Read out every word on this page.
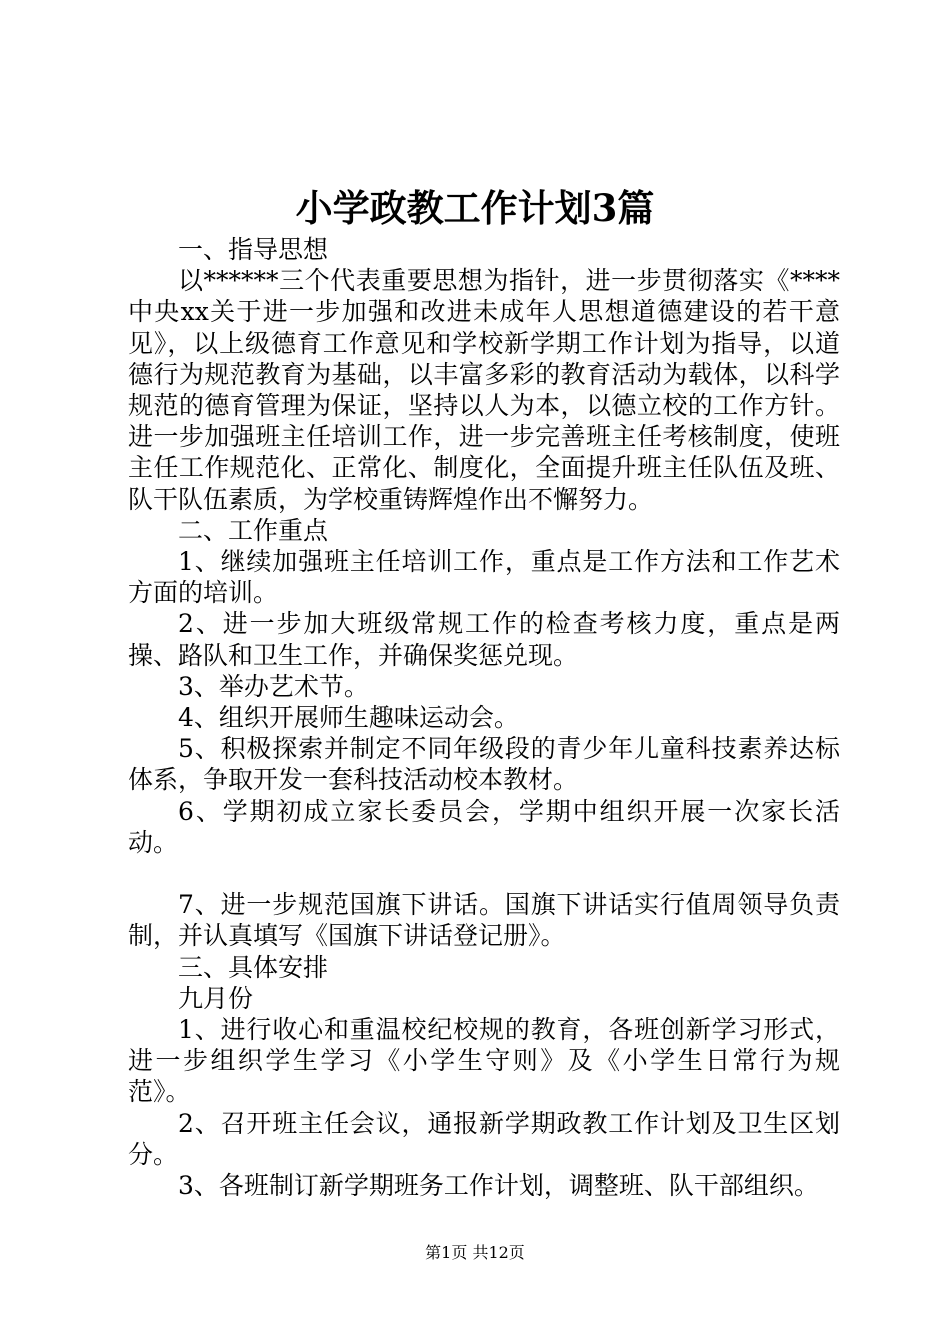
小学政教工作计划3篇

一、指导思想

以******三个代表重要思想为指针，进一步贯彻落实《****中央xx关于进一步加强和改进未成年人思想道德建设的若干意见》，以上级德育工作意见和学校新学期工作计划为指导，以道德行为规范教育为基础，以丰富多彩的教育活动为载体，以科学规范的德育管理为保证，坚持以人为本，以德立校的工作方针。进一步加强班主任培训工作，进一步完善班主任考核制度，使班主任工作规范化、正常化、制度化，全面提升班主任队伍及班、队干队伍素质，为学校重铸辉煌作出不懈努力。

二、工作重点

1、继续加强班主任培训工作，重点是工作方法和工作艺术方面的培训。

2、进一步加大班级常规工作的检查考核力度，重点是两操、路队和卫生工作，并确保奖惩兑现。

3、举办艺术节。

4、组织开展师生趣味运动会。

5、积极探索并制定不同年级段的青少年儿童科技素养达标体系，争取开发一套科技活动校本教材。

6、学期初成立家长委员会，学期中组织开展一次家长活动。

7、进一步规范国旗下讲话。国旗下讲话实行值周领导负责制，并认真填写《国旗下讲话登记册》。

三、具体安排

九月份

1、进行收心和重温校纪校规的教育，各班创新学习形式，进一步组织学生学习《小学生守则》及《小学生日常行为规范》。

2、召开班主任会议，通报新学期政教工作计划及卫生区划分。

3、各班制订新学期班务工作计划，调整班、队干部组织。

第1页 共12页
